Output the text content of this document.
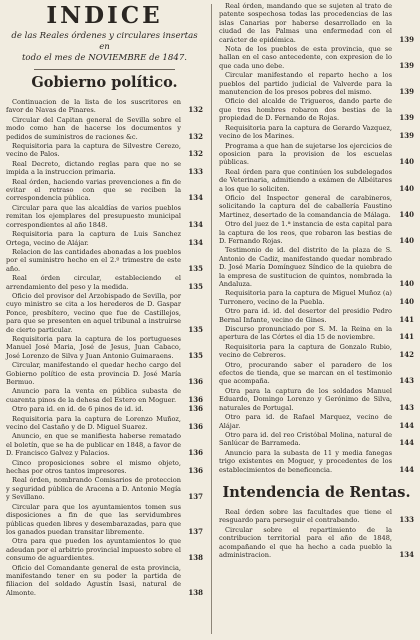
INDICE
de las Reales órdenes y circulares insertas en
todo el mes de NOVIEMBRE de 1847.
Gobierno político.
Continuacion de la lista de los suscritores en favor de Navas de Pinares.	132
Circular del Capitan general de Sevilla sobre el modo como han de hacerse los documentos y pedidos de suministros de raciones &c.	132
Requisitoria para la captura de Silvestre Cerezo, vecino de Palos.	132
Real Decreto, dictando reglas para que no se impida a la instruccion primaria.	133
Real órden, haciendo varias prevenciones a fin de evitar el retraso con que se reciben la correspondencia pública.	134
Circular para que las alcaldías de varios pueblos remitan los ejemplares del presupuesto municipal correspondientes al año 1848.	134
Requisitoria para la captura de Luis Sanchez Ortega, vecino de Alájar.	134
Relacion de las cantidades abonadas a los pueblos por el suministro hecho en el 2.º trimestre de este año.	135
Real órden circular, estableciendo el arrendamiento del peso y la medida.	135
Oficio del provisor del Arzobispado de Sevilla, por cuyo ministro se cita a los herederos de D. Gaspar Ponce, presbítero, vecino que fue de Castillejos, para que se presenten en aquel tribunal a instruirse de cierto particular.	135
Requisitoria para la captura de los portugueses Manuel José Maria, José de Jesus, Juan Cabaco, José Lorenzo de Silva y Juan Antonio Guimaraens. 135
Circular, manifestando el quedar hecho cargo del Gobierno político de esta provincia D. José María Bermuo.	136
Anuncio para la venta en pública subasta de cuarenta pinos de la dehesa del Estero en Moguer. 136
Otro para id. en id. de 6 pinos de id. id.	136
Requisitoria para la captura de Lorenzo Muñoz, vecino del Castaño y de D. Miguel Suarez.	136
Anuncio, en que se manifiesta haberse rematado el boletín, que se ha de publicar en 1848, a favor de D. Francisco Galvez y Palacios.	136
Cinco proposiciones sobre el mismo objeto, hechas por otros tantos impresores.	136
Real órden, nombrando Comisarios de proteccion y seguridad pública de Aracena a D. Antonio Megía y Sevillano.	137
Circular para que los ayuntamientos tomen sus disposiciones a fin de que las servidumbres públicas queden libres y desembarazadas, para que los ganados puedan transitar libremente.	137
Otra para que pueden los ayuntamientos lo que adeudan por el arbitrio provincial impuesto sobre el consumo de aguardientes.	138
Oficio del Comandante general de esta provincia, manifestando tener en su poder la partida de filiacion del soldado Agustín Isasi, natural de Almonte.	138
Real órden, mandando que se sujeten al trato de patente sospechosa todas las procedencias de las islas Canarias por haberse desarrollado en la ciudad de las Palmas una enfermedad con el carácter de epidémica.	139
Nota de los pueblos de esta provincia, que se hallan en el caso antecedente, con expresion de lo que cada uno debe.	139
Circular manifestando el reparto hecho a los pueblos del partido judicial de Valverde para la manutencion de los presos pobres del mismo.	139
Oficio del alcalde de Trigueros, dando parte de que tres hombres robaron dos bestias de la propiedad de D. Fernando de Rojas.	139
Requisitoria para la captura de Gerardo Vazquez, vecino de los Marines.	139
Programa a que han de sujetarse los ejercicios de oposicion para la provision de los escuelas públicas.	140
Real órden para que continúen los subdelegados de Veterinaria, admitiendo a exámen de Albéitares a los que lo soliciten.	140
Oficio del Inspector general de carabineros, solicitando la captura del de caballería Faustino Martinez, desertado de la comandancia de Málaga. 140
Otro del juez de 1.ª instancia de esta capital para la captura de los reos, que robaron las bestias de D. Fernando Rojas.	140
Testimonio de id. del distrito de la plaza de S. Antonio de Cadiz, manifestando quedar nombrado D. José María Domínguez Síndico de la quiebra de la empresa de sustitucion de quintos, nombrada la Andaluza.	140
Requisitoria para la captura de Miguel Muñoz (a) Turronero, vecino de la Puebla.	140
Otro para id. id. del desertor del presidio Pedro Bernal Infante, vecino de Gines.	141
Discurso pronunciado por S. M. la Reina en la apertura de las Córtes el dia 15 de noviembre.	141
Requisitoria para la captura de Gonzalo Rubio, vecino de Cebreros.	142
Otro, procurando saber el paradero de los efectos de tienda, que se marcan en el testimonio que acompaña.	143
Otra para la captura de los soldados Manuel Eduardo, Domingo Lorenzo y Gerónimo de Silva, naturales de Portugal.	143
Otro para id. de Rafael Marquez, vecino de Alájar.	144
Otro para id. del reo Cristóbal Molina, natural de Sanlúcar de Barrameda.	144
Anuncio para la subasta de 11 y media fanegas trigo existentes en Moguer, y procedentes de los establecimientos de beneficencia.	144
Intendencia de Rentas.
Real órden sobre las facultades que tiene el resguardo para perseguir el contrabando.	133
Circular sobre el repartimiento de la contribucion territorial para el año de 1848, acompañando el que ha hecho a cada pueblo la administracion.	134
